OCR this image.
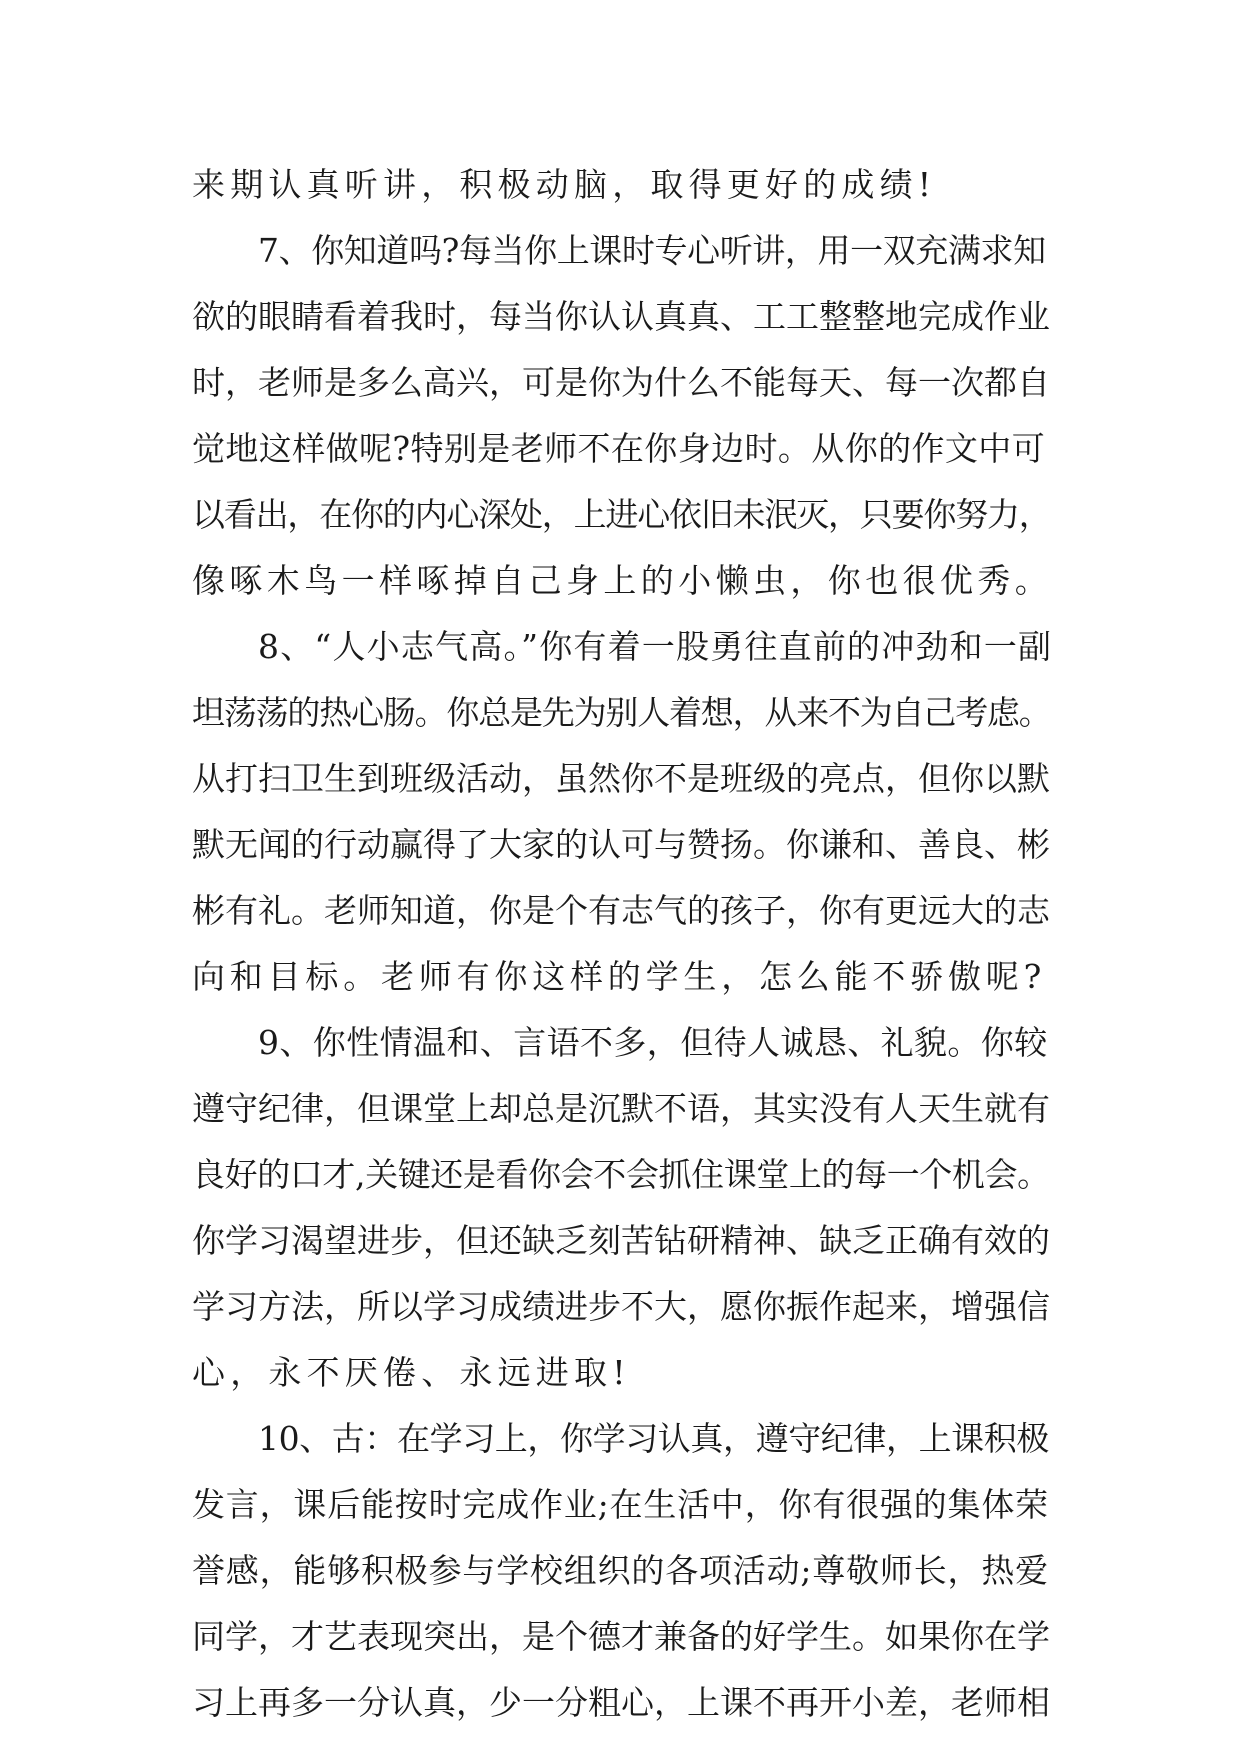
来期认真听讲，积极动脑，取得更好的成绩!
7、你知道吗?每当你上课时专心听讲，用一双充满求知
欲的眼睛看着我时，每当你认认真真、工工整整地完成作业
时，老师是多么高兴，可是你为什么不能每天、每一次都自
觉地这样做呢?特别是老师不在你身边时。从你的作文中可
以看出，在你的内心深处，上进心依旧未泯灭，只要你努力，
像啄木鸟一样啄掉自己身上的小懒虫，你也很优秀。
8、“人小志气高。”你有着一股勇往直前的冲劲和一副
坦荡荡的热心肠。你总是先为别人着想，从来不为自己考虑。
从打扫卫生到班级活动，虽然你不是班级的亮点，但你以默
默无闻的行动赢得了大家的认可与赞扬。你谦和、善良、彬
彬有礼。老师知道，你是个有志气的孩子，你有更远大的志
向和目标。老师有你这样的学生，怎么能不骄傲呢?
9、你性情温和、言语不多，但待人诚恳、礼貌。你较
遵守纪律，但课堂上却总是沉默不语，其实没有人天生就有
良好的口才,关键还是看你会不会抓住课堂上的每一个机会。
你学习渴望进步，但还缺乏刻苦钻研精神、缺乏正确有效的
学习方法，所以学习成绩进步不大，愿你振作起来，增强信
心，永不厌倦、永远进取!
10、古：在学习上，你学习认真，遵守纪律，上课积极
发言，课后能按时完成作业;在生活中，你有很强的集体荣
誉感，能够积极参与学校组织的各项活动;尊敬师长，热爱
同学，才艺表现突出，是个德才兼备的好学生。如果你在学
习上再多一分认真，少一分粗心，上课不再开小差，老师相
